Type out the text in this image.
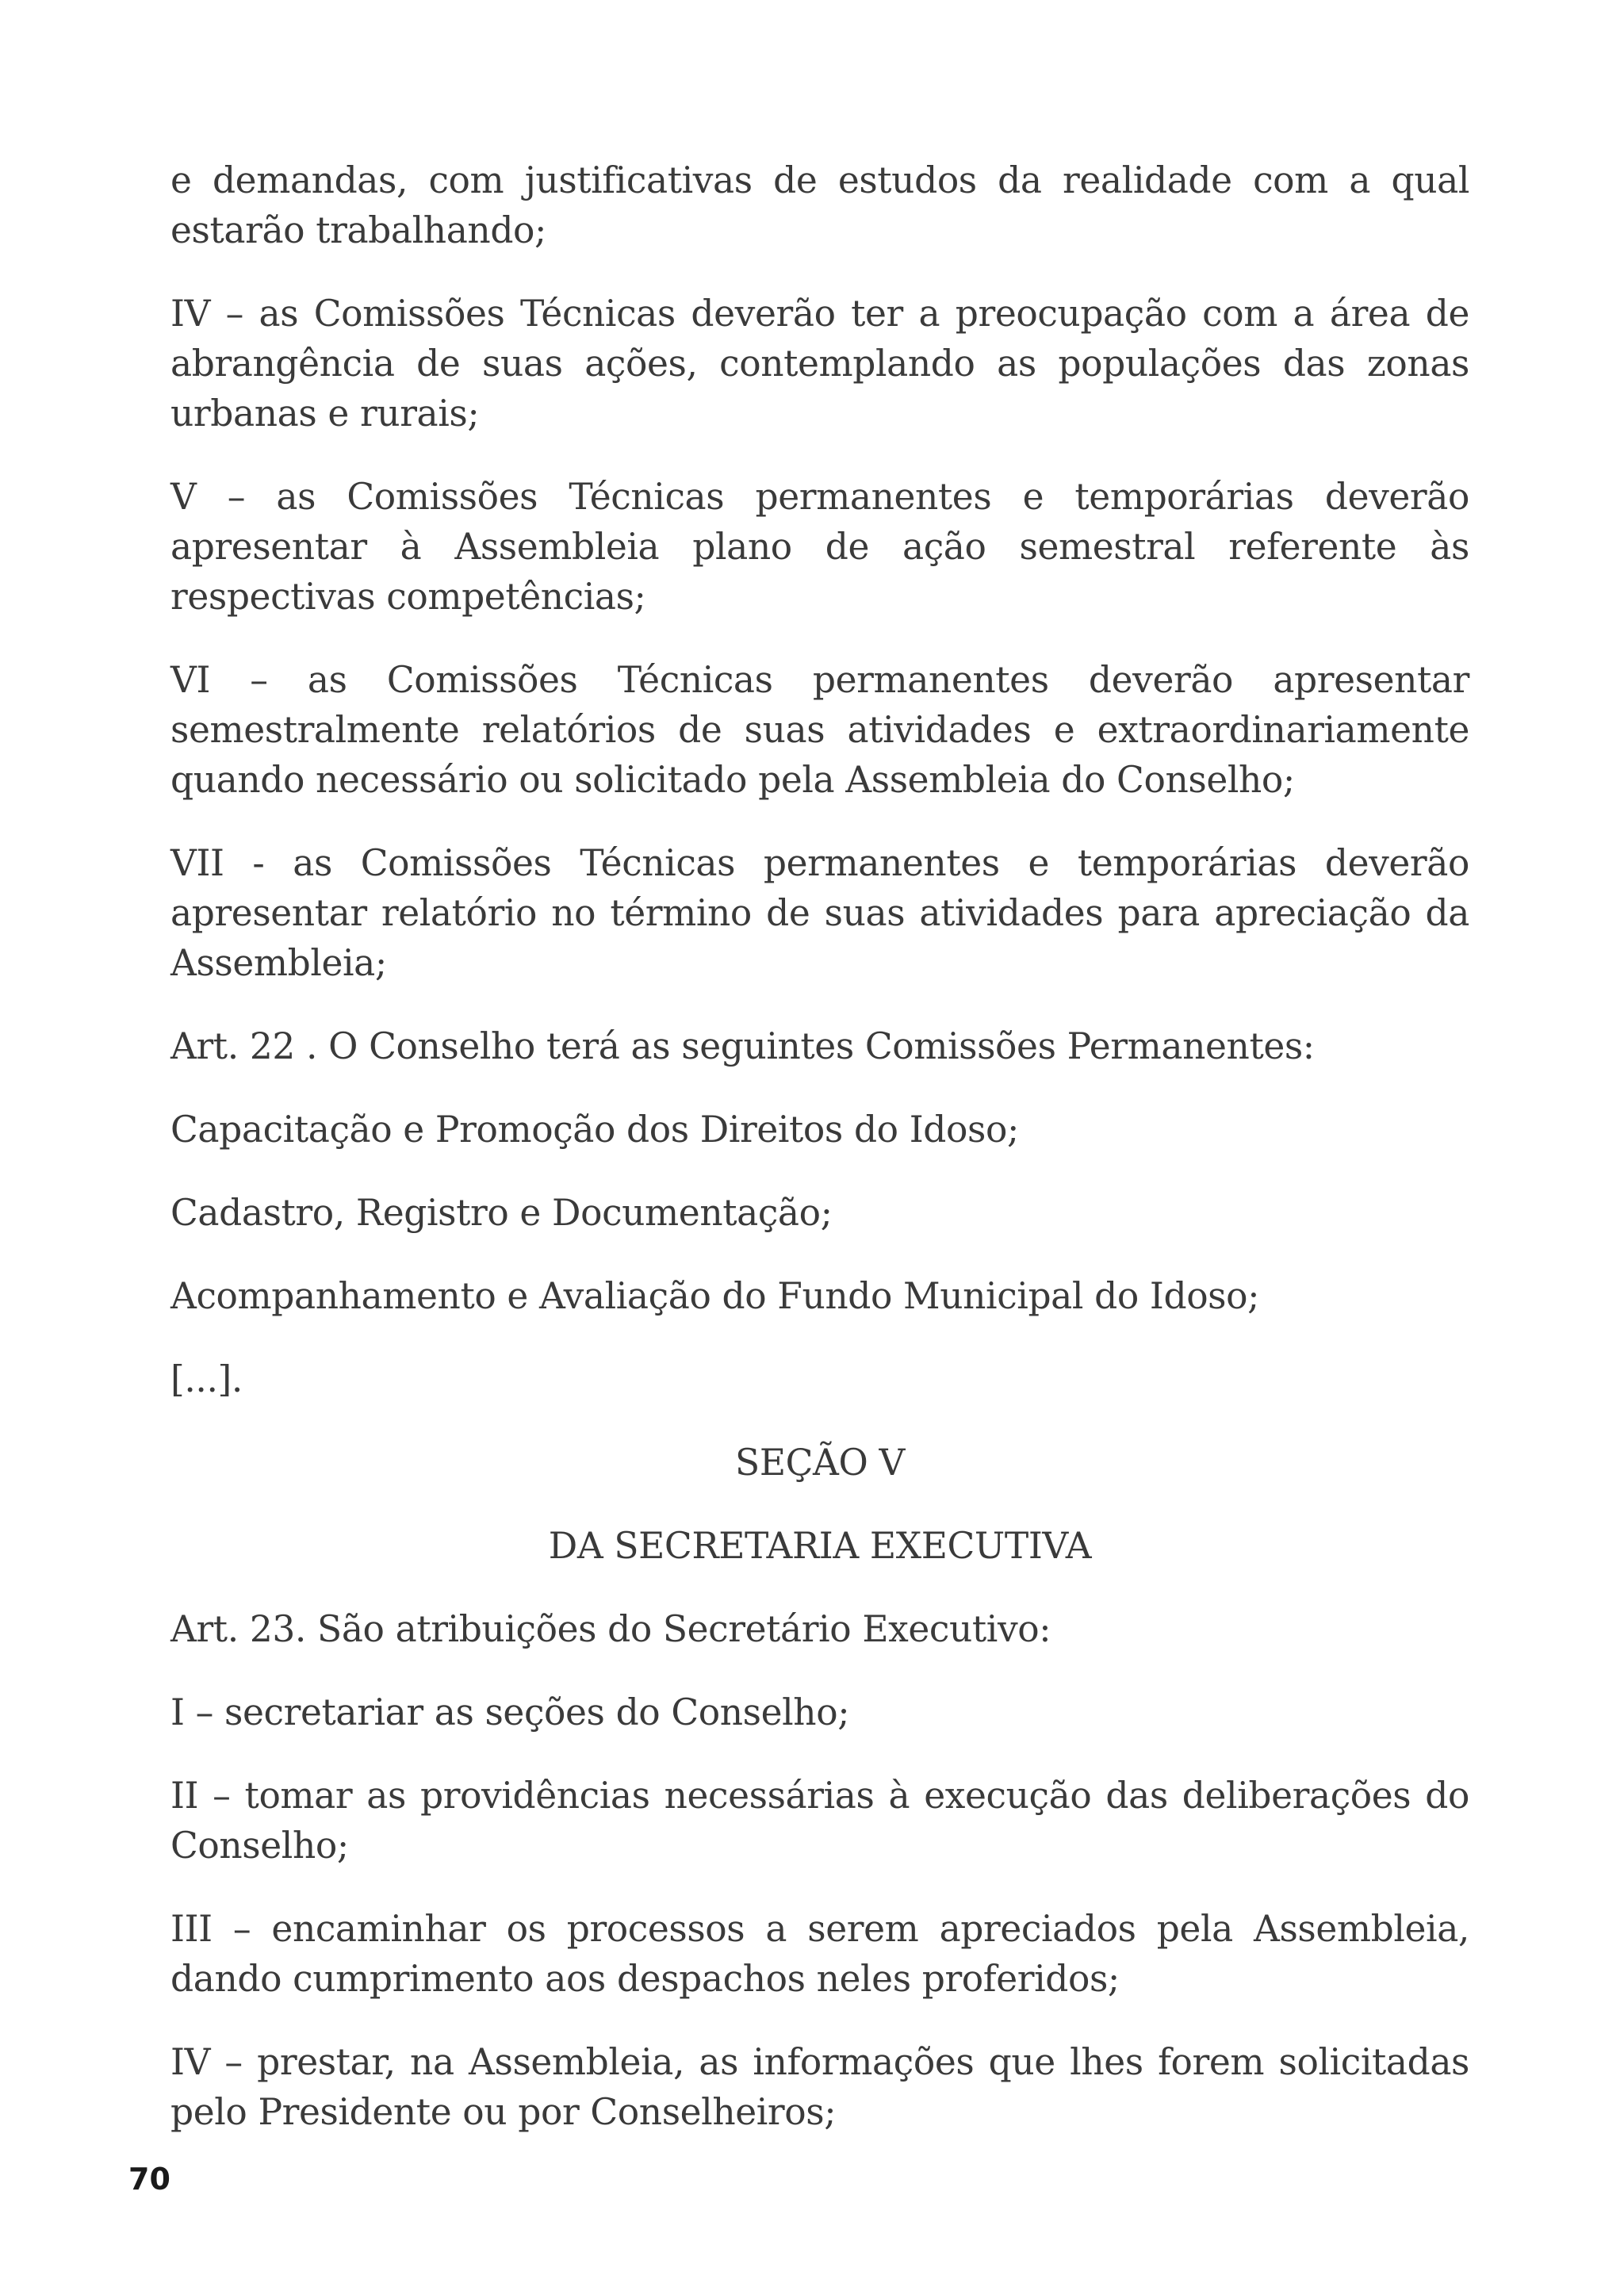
e demandas, com justificativas de estudos da realidade com a qual estarão trabalhando;

IV – as Comissões Técnicas deverão ter a preocupação com a área de abrangência de suas ações, contemplando as populações das zonas urbanas e rurais;

V – as Comissões Técnicas permanentes e temporárias deverão apresentar à Assembleia plano de ação semestral referente às respectivas competências;

VI – as Comissões Técnicas permanentes deverão apresentar semestralmente relatórios de suas atividades e extraordinariamente quando necessário ou solicitado pela Assembleia do Conselho;

VII - as Comissões Técnicas permanentes e temporárias deverão apresentar relatório no término de suas atividades para apreciação da Assembleia;

Art. 22 . O Conselho terá as seguintes Comissões Permanentes:

Capacitação e Promoção dos Direitos do Idoso;

Cadastro, Registro e Documentação;

Acompanhamento e Avaliação do Fundo Municipal do Idoso;

[...].

SEÇÃO V

DA SECRETARIA EXECUTIVA

Art. 23. São atribuições do Secretário Executivo:

I – secretariar as seções do Conselho;

II – tomar as providências necessárias à execução das deliberações do Conselho;

III – encaminhar os processos a serem apreciados pela Assembleia, dando cumprimento aos despachos neles proferidos;

IV – prestar, na Assembleia, as informações que lhes forem solicitadas pelo Presidente ou por Conselheiros;

70
